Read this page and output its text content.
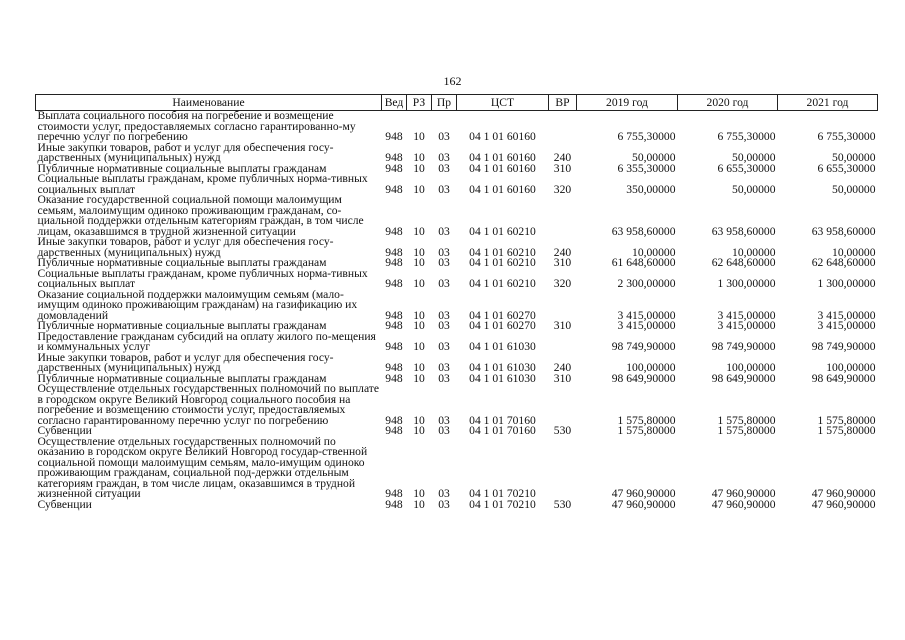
162
Наименование	Вед	РЗ	Пр	ЦСТ	ВР	2019 год	2020 год	2021 год
Выплата социального пособия на погребение и возмещение стоимости услуг, предоставляемых согласно гарантированно-му перечню услуг по погребению	948	10	03	04 1 01 60160		6 755,30000	6 755,30000	6 755,30000
Иные закупки товаров, работ и услуг для обеспечения госу-дарственных (муниципальных) нужд	948	10	03	04 1 01 60160	240	50,00000	50,00000	50,00000
Публичные нормативные социальные выплаты гражданам	948	10	03	04 1 01 60160	310	6 355,30000	6 655,30000	6 655,30000
Социальные выплаты гражданам, кроме публичных норма-тивных социальных выплат	948	10	03	04 1 01 60160	320	350,00000	50,00000	50,00000
Оказание государственной социальной помощи малоимущим семьям, малоимущим одиноко проживающим гражданам, со-циальной поддержки отдельным категориям граждан, в том числе лицам, оказавшимся в трудной жизненной ситуации	948	10	03	04 1 01 60210		63 958,60000	63 958,60000	63 958,60000
Иные закупки товаров, работ и услуг для обеспечения госу-дарственных (муниципальных) нужд	948	10	03	04 1 01 60210	240	10,00000	10,00000	10,00000
Публичные нормативные социальные выплаты гражданам	948	10	03	04 1 01 60210	310	61 648,60000	62 648,60000	62 648,60000
Социальные выплаты гражданам, кроме публичных норма-тивных социальных выплат	948	10	03	04 1 01 60210	320	2 300,00000	1 300,00000	1 300,00000
Оказание социальной поддержки малоимущим семьям (мало-имущим одиноко проживающим гражданам) на газификацию их домовладений	948	10	03	04 1 01 60270		3 415,00000	3 415,00000	3 415,00000
Публичные нормативные социальные выплаты гражданам	948	10	03	04 1 01 60270	310	3 415,00000	3 415,00000	3 415,00000
Предоставление гражданам субсидий на оплату жилого по-мещения и коммунальных услуг	948	10	03	04 1 01 61030		98 749,90000	98 749,90000	98 749,90000
Иные закупки товаров, работ и услуг для обеспечения госу-дарственных (муниципальных) нужд	948	10	03	04 1 01 61030	240	100,00000	100,00000	100,00000
Публичные нормативные социальные выплаты гражданам	948	10	03	04 1 01 61030	310	98 649,90000	98 649,90000	98 649,90000
Осуществление отдельных государственных полномочий по выплате в городском округе Великий Новгород социального пособия на погребение и возмещению стоимости услуг, предоставляемых согласно гарантированному перечню услуг по погребению	948	10	03	04 1 01 70160		1 575,80000	1 575,80000	1 575,80000
Субвенции	948	10	03	04 1 01 70160	530	1 575,80000	1 575,80000	1 575,80000
Осуществление отдельных государственных полномочий по оказанию в городском округе Великий Новгород государ-ственной социальной помощи малоимущим семьям, мало-имущим одиноко проживающим гражданам, социальной под-держки отдельным категориям граждан, в том числе лицам, оказавшимся в трудной жизненной ситуации	948	10	03	04 1 01 70210		47 960,90000	47 960,90000	47 960,90000
Субвенции	948	10	03	04 1 01 70210	530	47 960,90000	47 960,90000	47 960,90000
